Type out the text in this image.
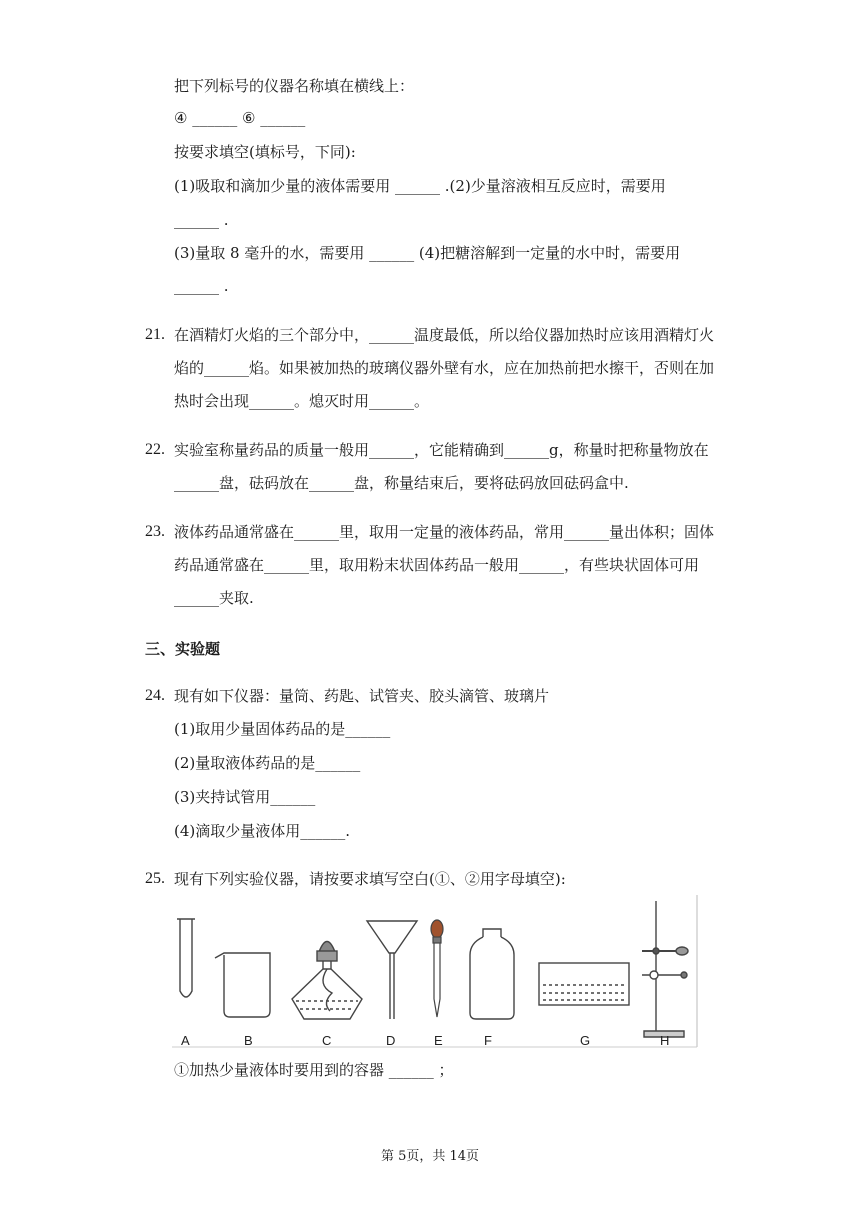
把下列标号的仪器名称填在横线上：
④ ______ ⑥ ______
按要求填空(填标号，下同):
(1)吸取和滴加少量的液体需要用 ______ .(2)少量溶液相互反应时，需要用
______ .
(3)量取 8 毫升的水，需要用 ______ (4)把糖溶解到一定量的水中时，需要用
______ .
21. 在酒精灯火焰的三个部分中，______温度最低，所以给仪器加热时应该用酒精灯火
焰的______焰。如果被加热的玻璃仪器外壁有水，应在加热前把水擦干，否则在加
热时会出现______。熄灭时用______。
22. 实验室称量药品的质量一般用______，它能精确到______g，称量时把称量物放在
______盘，砝码放在______盘，称量结束后，要将砝码放回砝码盒中.
23. 液体药品通常盛在______里，取用一定量的液体药品，常用______量出体积；固体
药品通常盛在______里，取用粉末状固体药品一般用______，有些块状固体可用
______夹取.
三、实验题
24. 现有如下仪器：量筒、药匙、试管夹、胶头滴管、玻璃片
(1)取用少量固体药品的是______
(2)量取液体药品的是______
(3)夹持试管用______
(4)滴取少量液体用______.
25. 现有下列实验仪器，请按要求填写空白(①、②用字母填空):
A	B	C	D	E	F	G	H
①加热少量液体时要用到的容器 ______ ；
第 5页，共 14页
